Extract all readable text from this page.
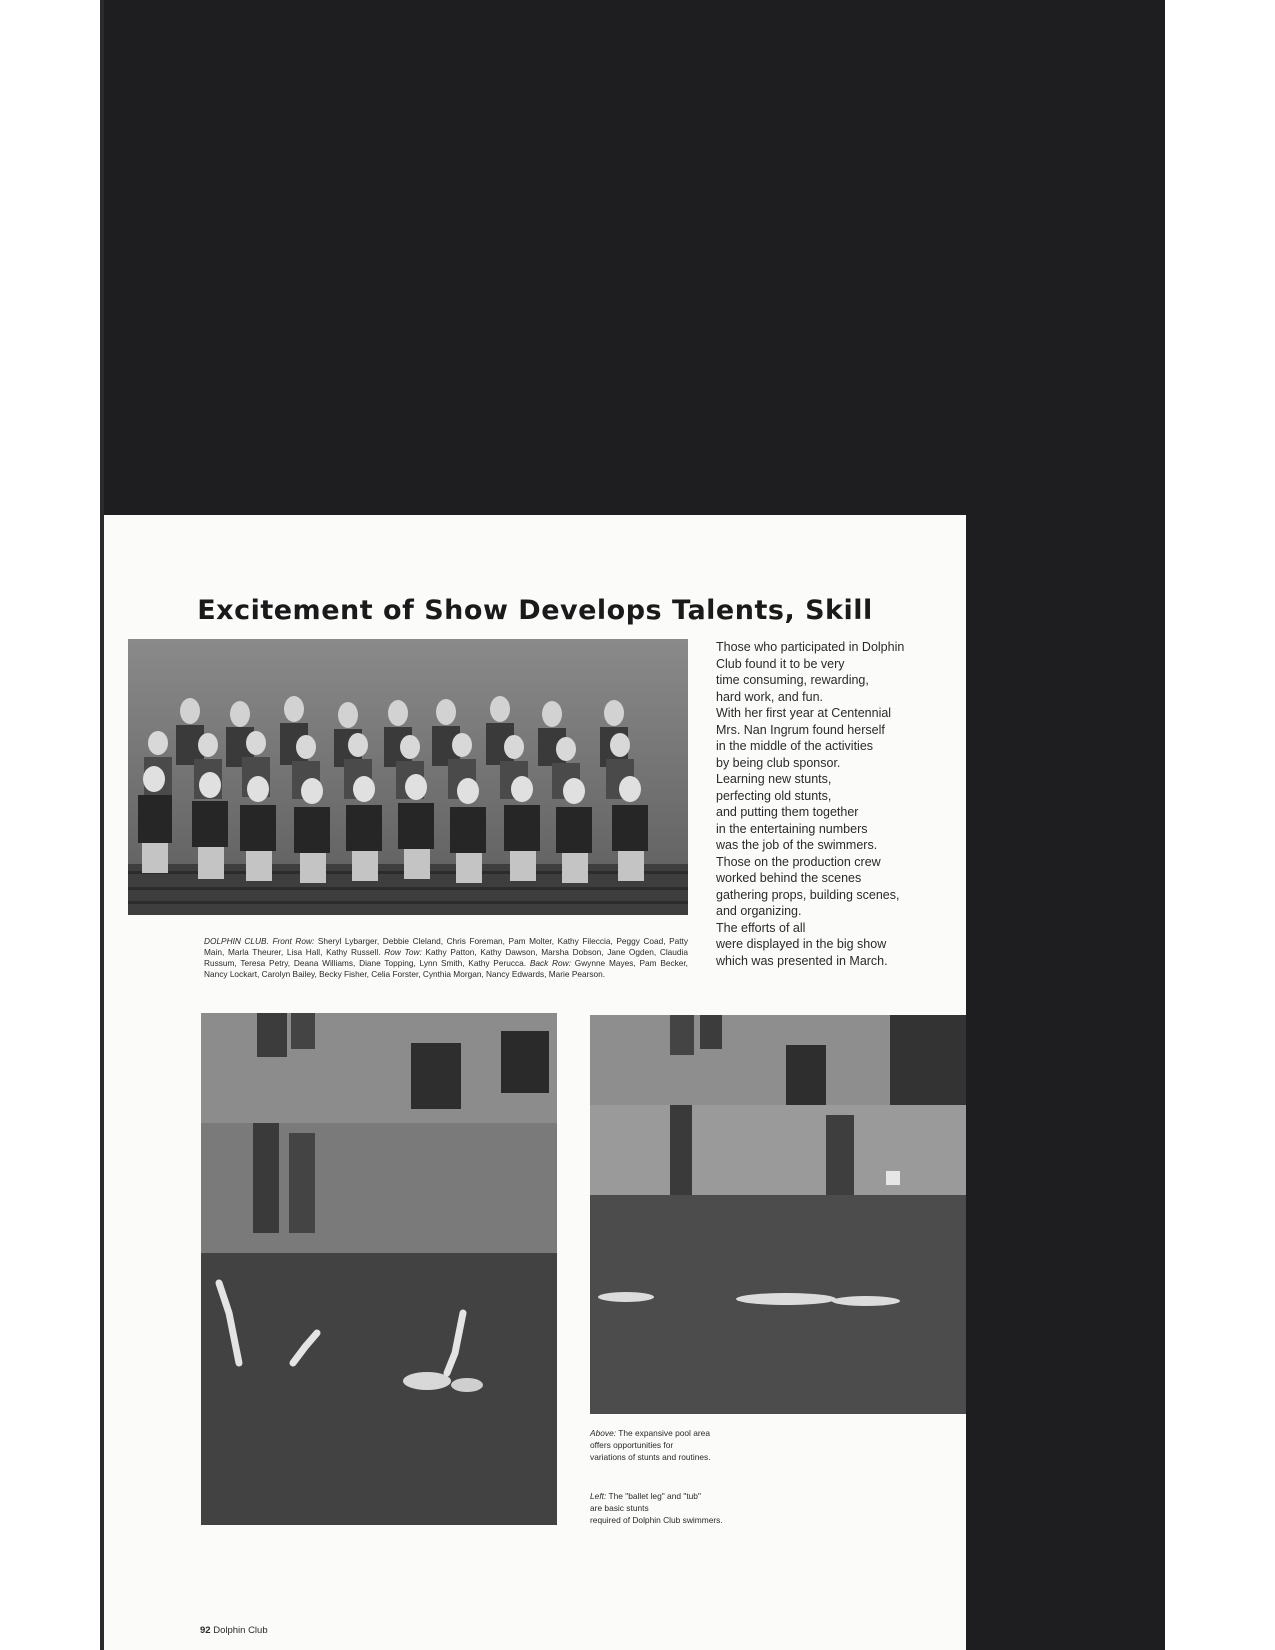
Excitement of Show Develops Talents, Skill

DOLPHIN CLUB. Front Row: Sheryl Lybarger, Debbie Cleland, Chris Foreman, Pam Molter, Kathy Fileccia, Peggy Coad, Patty Main, Marla Theurer, Lisa Hall, Kathy Russell. Row Tow: Kathy Patton, Kathy Dawson, Marsha Dobson, Jane Ogden, Claudia Russum, Teresa Petry, Deana Williams, Diane Topping, Lynn Smith, Kathy Perucca. Back Row: Gwynne Mayes, Pam Becker, Nancy Lockart, Carolyn Bailey, Becky Fisher, Celia Forster, Cynthia Morgan, Nancy Edwards, Marie Pearson.

Those who participated in Dolphin
Club found it to be very
time consuming, rewarding,
hard work, and fun.
With her first year at Centennial
Mrs. Nan Ingrum found herself
in the middle of the activities
by being club sponsor.
Learning new stunts,
perfecting old stunts,
and putting them together
in the entertaining numbers
was the job of the swimmers.
Those on the production crew
worked behind the scenes
gathering props, building scenes,
and organizing.
The efforts of all
were displayed in the big show
which was presented in March.
Above: The expansive pool area
offers opportunities for
variations of stunts and routines.
Left: The "ballet leg" and "tub"
are basic stunts
required of Dolphin Club swimmers.
92 Dolphin Club
